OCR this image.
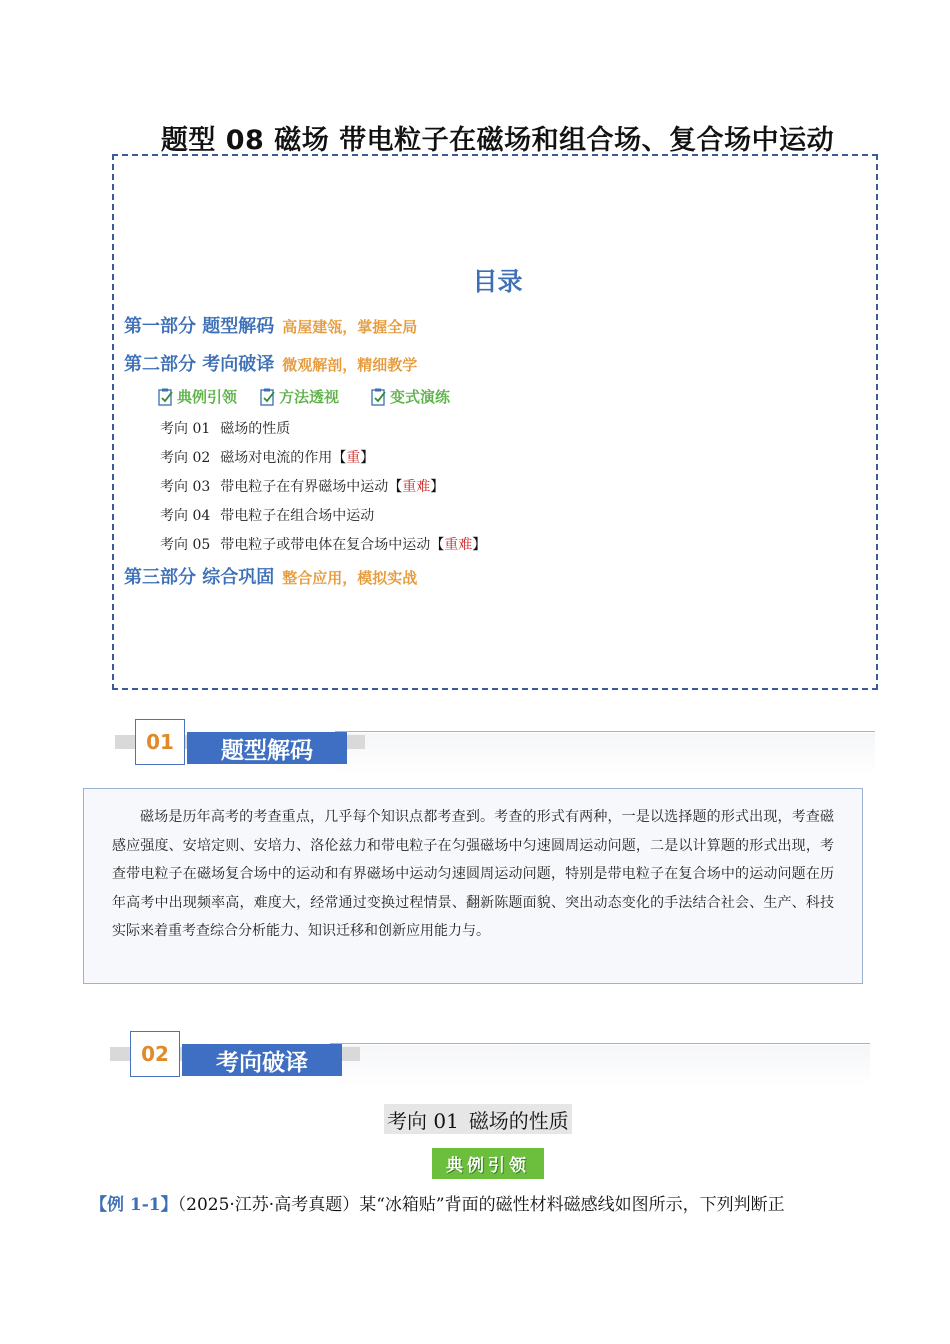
题型 08 磁场 带电粒子在磁场和组合场、复合场中运动
目录
第一部分 题型解码 高屋建瓴，掌握全局
第二部分 考向破译 微观解剖，精细教学
典例引领	方法透视	变式演练
考向 01 磁场的性质
考向 02 磁场对电流的作用【重】
考向 03 带电粒子在有界磁场中运动【重难】
考向 04 带电粒子在组合场中运动
考向 05 带电粒子或带电体在复合场中运动【重难】
第三部分 综合巩固 整合应用，模拟实战
01	题型解码

磁场是历年高考的考查重点，几乎每个知识点都考查到。考查的形式有两种，一是以选择题的形式出现，考查磁感应强度、安培定则、安培力、洛伦兹力和带电粒子在匀强磁场中匀速圆周运动问题，二是以计算题的形式出现，考查带电粒子在磁场复合场中的运动和有界磁场中运动匀速圆周运动问题，特别是带电粒子在复合场中的运动问题在历年高考中出现频率高，难度大，经常通过变换过程情景、翻新陈题面貌、突出动态变化的手法结合社会、生产、科技实际来着重考查综合分析能力、知识迁移和创新应用能力与。

02	考向破译
考向 01 磁场的性质
典例引领
【例 1-1】（2025·江苏·高考真题）某“冰箱贴”背面的磁性材料磁感线如图所示，下列判断正
